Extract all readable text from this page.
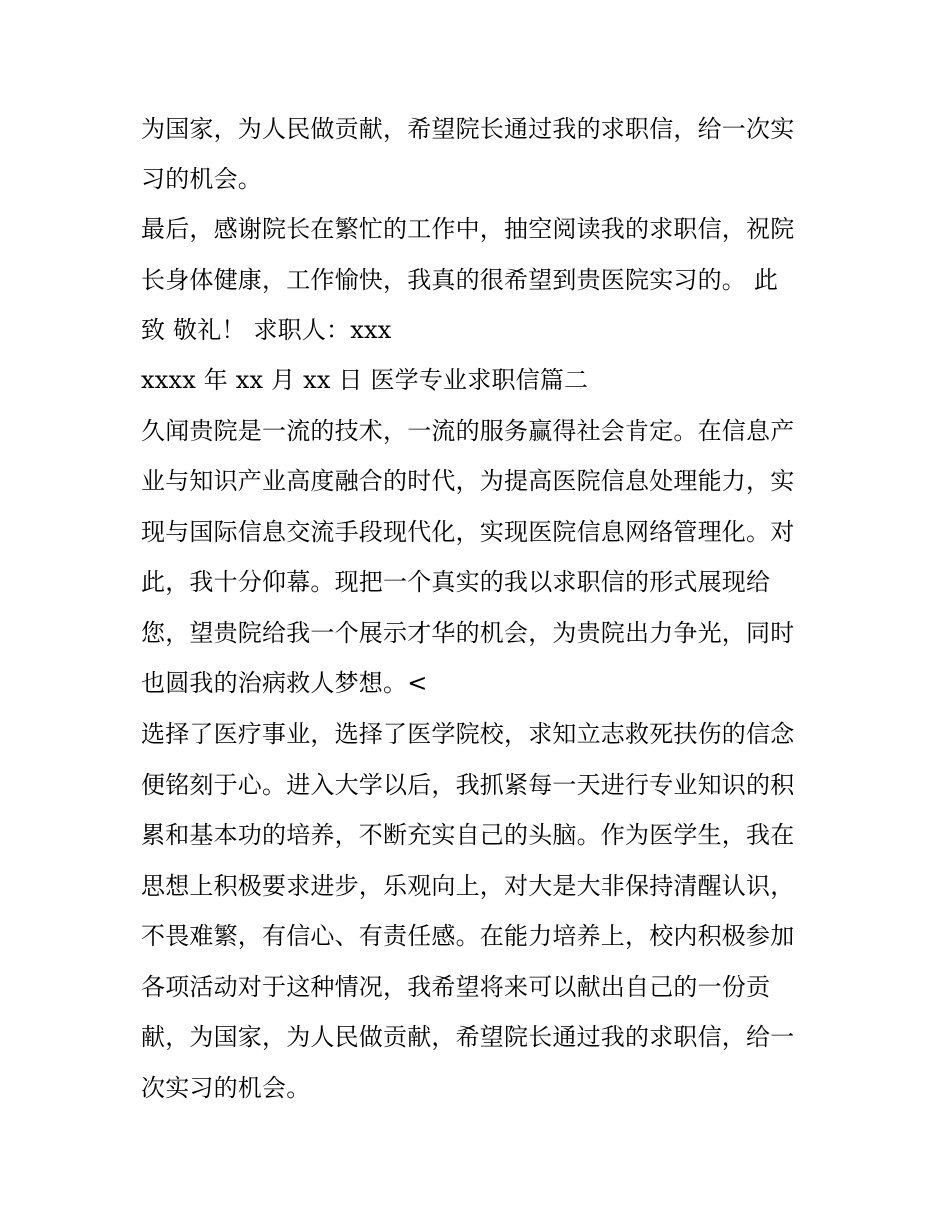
为国家，为人民做贡献，希望院长通过我的求职信，给一次实
习的机会。
最后，感谢院长在繁忙的工作中，抽空阅读我的求职信，祝院
长身体健康，工作愉快，我真的很希望到贵医院实习的。 此
致 敬礼！ 求职人：xxx
xxxx 年 xx 月 xx 日 医学专业求职信篇二
久闻贵院是一流的技术，一流的服务赢得社会肯定。在信息产
业与知识产业高度融合的时代，为提高医院信息处理能力，实
现与国际信息交流手段现代化，实现医院信息网络管理化。对
此，我十分仰幕。现把一个真实的我以求职信的形式展现给
您，望贵院给我一个展示才华的机会，为贵院出力争光，同时
也圆我的治病救人梦想。<
选择了医疗事业，选择了医学院校，求知立志救死扶伤的信念
便铭刻于心。进入大学以后，我抓紧每一天进行专业知识的积
累和基本功的培养，不断充实自己的头脑。作为医学生，我在
思想上积极要求进步，乐观向上，对大是大非保持清醒认识，
不畏难繁，有信心、有责任感。在能力培养上，校内积极参加
各项活动对于这种情况，我希望将来可以献出自己的一份贡
献，为国家，为人民做贡献，希望院长通过我的求职信，给一
次实习的机会。
